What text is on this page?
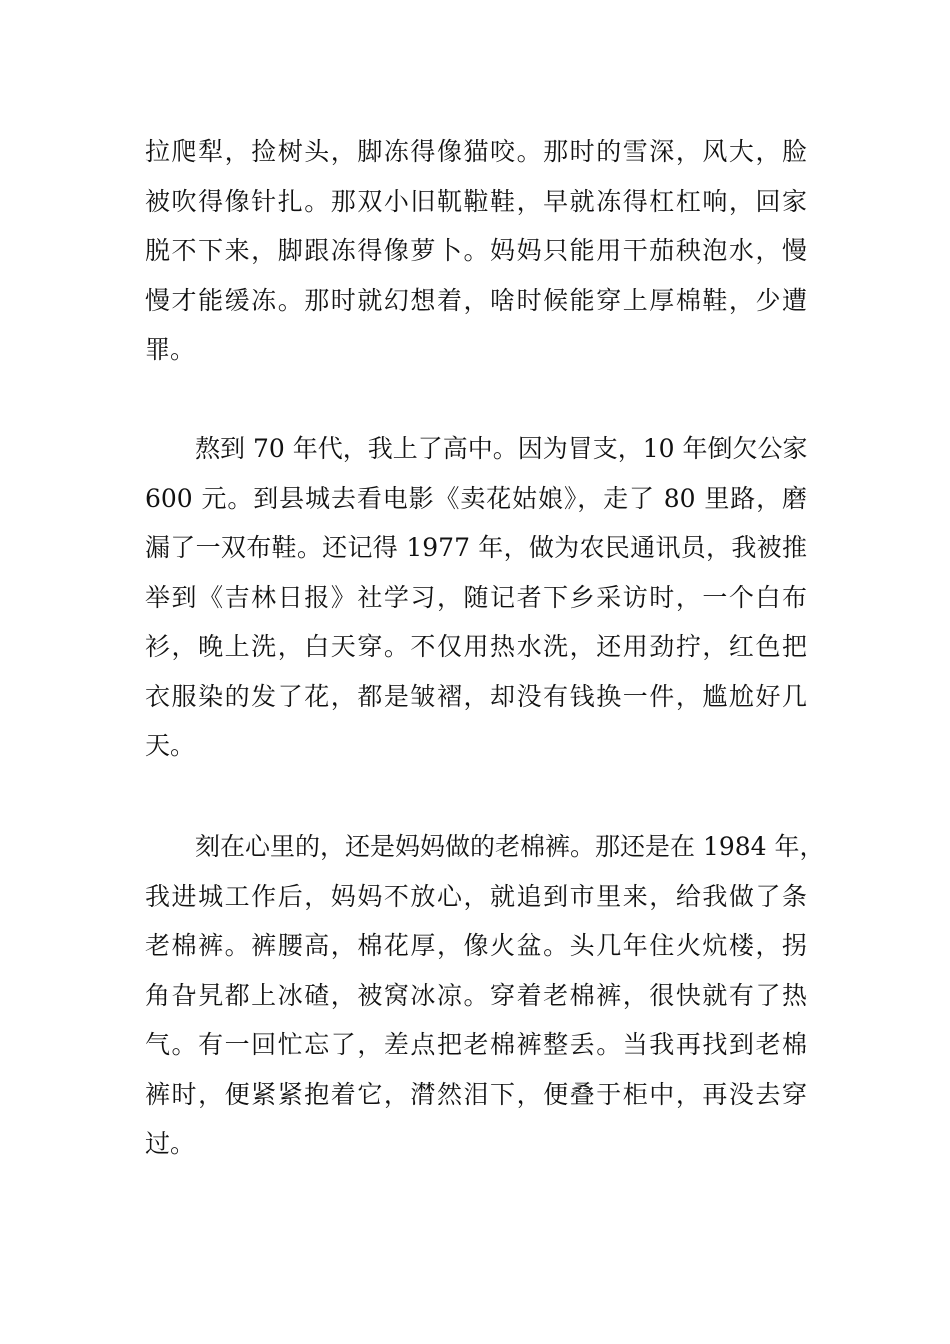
拉爬犁，捡树头，脚冻得像猫咬。那时的雪深，风大，脸
被吹得像针扎。那双小旧靰鞡鞋，早就冻得杠杠响，回家
脱不下来，脚跟冻得像萝卜。妈妈只能用干茄秧泡水，慢
慢才能缓冻。那时就幻想着，啥时候能穿上厚棉鞋，少遭
罪。

熬到 70 年代，我上了高中。因为冒支，10 年倒欠公家
600 元。到县城去看电影《卖花姑娘》，走了 80 里路，磨
漏了一双布鞋。还记得 1977 年，做为农民通讯员，我被推
举到《吉林日报》社学习，随记者下乡采访时，一个白布
衫，晚上洗，白天穿。不仅用热水洗，还用劲拧，红色把
衣服染的发了花，都是皱褶，却没有钱换一件，尴尬好几
天。

刻在心里的，还是妈妈做的老棉裤。那还是在 1984 年，
我进城工作后，妈妈不放心，就追到市里来，给我做了条
老棉裤。裤腰高，棉花厚，像火盆。头几年住火炕楼，拐
角旮旯都上冰碴，被窝冰凉。穿着老棉裤，很快就有了热
气。有一回忙忘了，差点把老棉裤整丢。当我再找到老棉
裤时，便紧紧抱着它，潸然泪下，便叠于柜中，再没去穿
过。
